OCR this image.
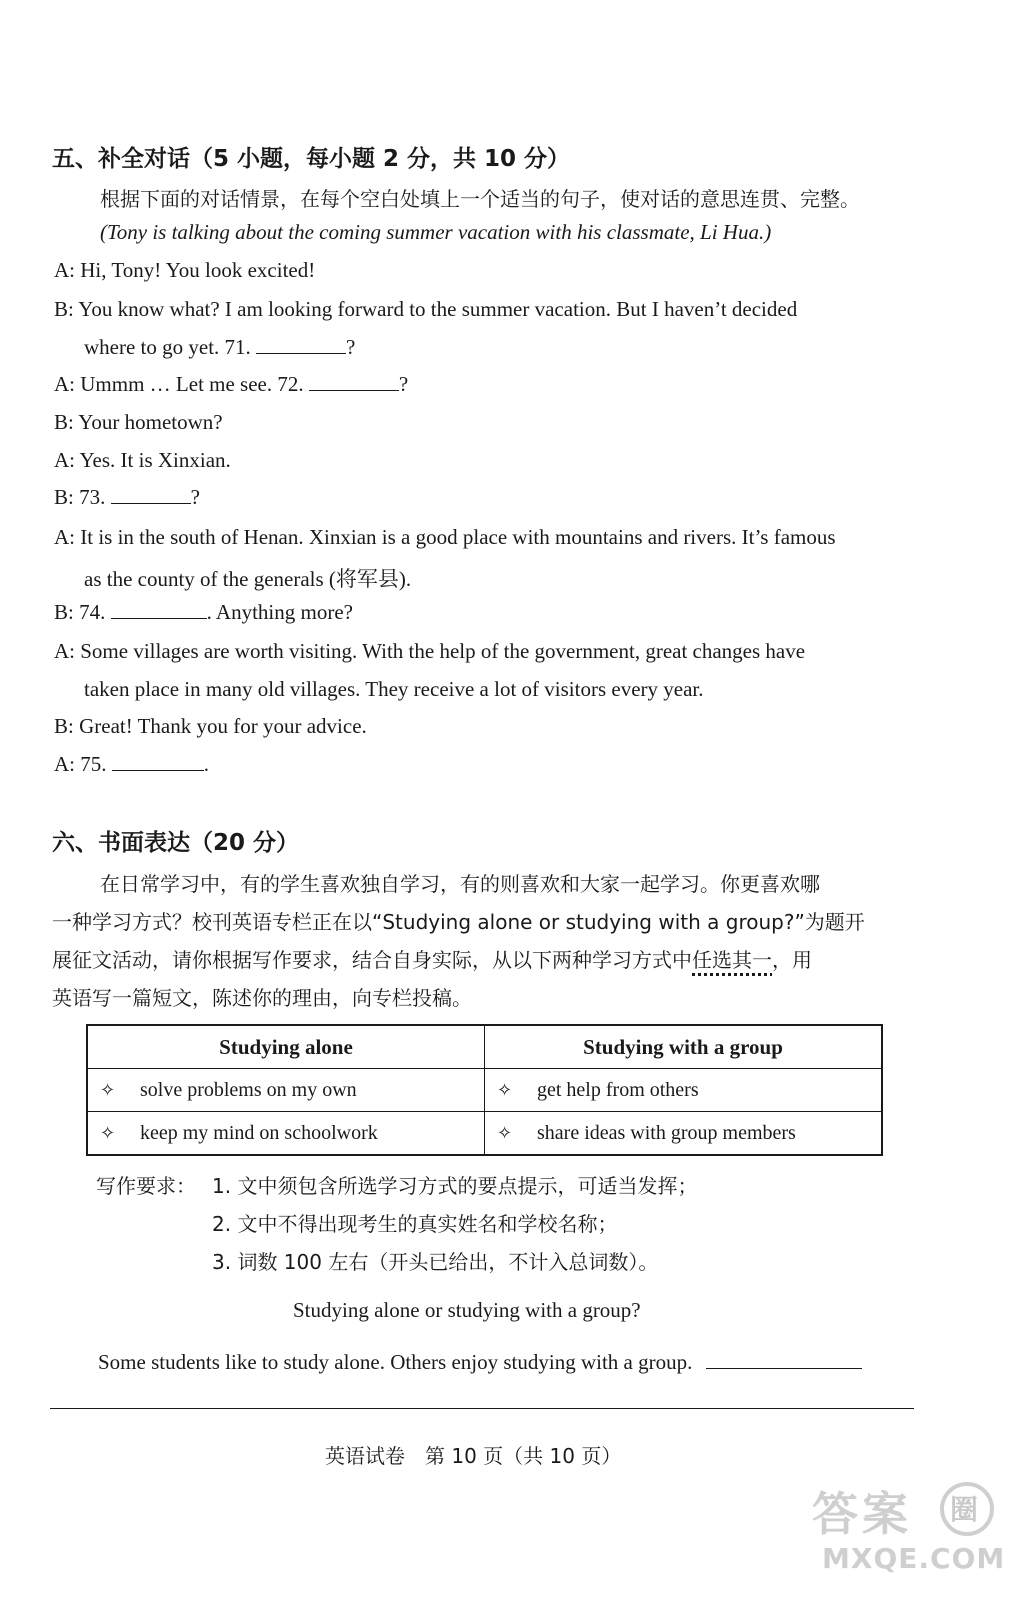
五、补全对话（5 小题，每小题 2 分，共 10 分）
根据下面的对话情景，在每个空白处填上一个适当的句子，使对话的意思连贯、完整。
(Tony is talking about the coming summer vacation with his classmate, Li Hua.)
A: Hi, Tony! You look excited!
B: You know what? I am looking forward to the summer vacation. But I haven’t decided
where to go yet. 71.	?
A: Ummm … Let me see. 72.	?
B: Your hometown?
A: Yes. It is Xinxian.
B: 73.	?
A: It is in the south of Henan. Xinxian is a good place with mountains and rivers. It’s famous
as the county of the generals (将军县).
B: 74.	. Anything more?
A: Some villages are worth visiting. With the help of the government, great changes have
taken place in many old villages. They receive a lot of visitors every year.
B: Great! Thank you for your advice.
A: 75.	.
六、书面表达（20 分）
在日常学习中，有的学生喜欢独自学习，有的则喜欢和大家一起学习。你更喜欢哪
一种学习方式？校刊英语专栏正在以“Studying alone or studying with a group?”为题开
展征文活动，请你根据写作要求，结合自身实际，从以下两种学习方式中任选其一，用
英语写一篇短文，陈述你的理由，向专栏投稿。
Studying alone	Studying with a group
✧ solve problems on my own	✧ get help from others
✧ keep my mind on schoolwork	✧ share ideas with group members
写作要求： 1. 文中须包含所选学习方式的要点提示，可适当发挥；
2. 文中不得出现考生的真实姓名和学校名称；
3. 词数 100 左右（开头已给出，不计入总词数）。
Studying alone or studying with a group?
Some students like to study alone. Others enjoy studying with a group.
英语试卷　第 10 页（共 10 页）
答案 圈
MXQE.COM
